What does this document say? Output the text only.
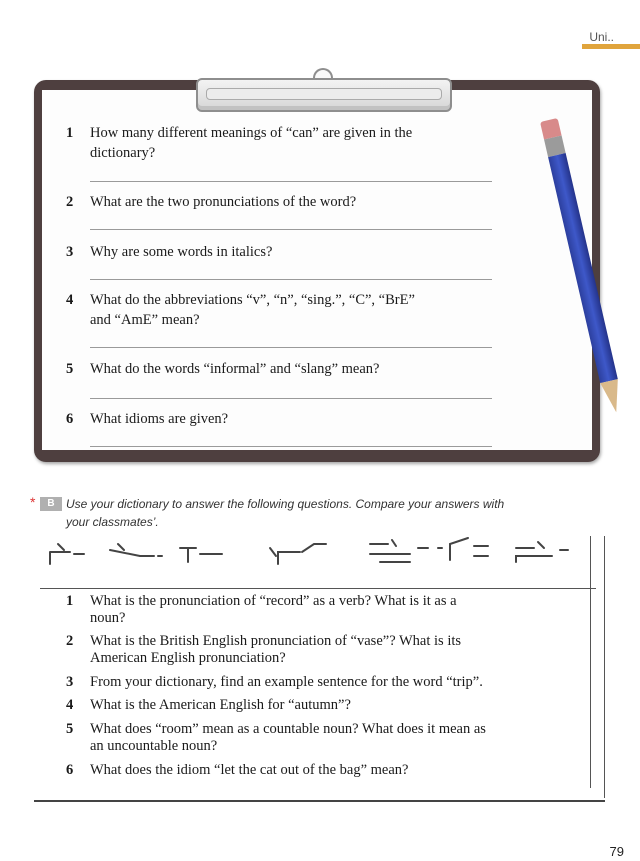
Uni..
1 How many different meanings of “can” are given in the
dictionary?
2 What are the two pronunciations of the word?
3 Why are some words in italics?
4 What do the abbreviations “v”, “n”, “sing.”, “C”, “BrE”
and “AmE” mean?
5 What do the words “informal” and “slang” mean?
6 What idioms are given?
*	B Use your dictionary to answer the following questions. Compare your answers with
your classmates’.
1 What is the pronunciation of “record” as a verb? What is it as a
noun?
2 What is the British English pronunciation of “vase”? What is its
American English pronunciation?
3 From your dictionary, find an example sentence for the word “trip”.
4 What is the American English for “autumn”?
5 What does “room” mean as a countable noun? What does it mean as
an uncountable noun?
6 What does the idiom “let the cat out of the bag” mean?
79
